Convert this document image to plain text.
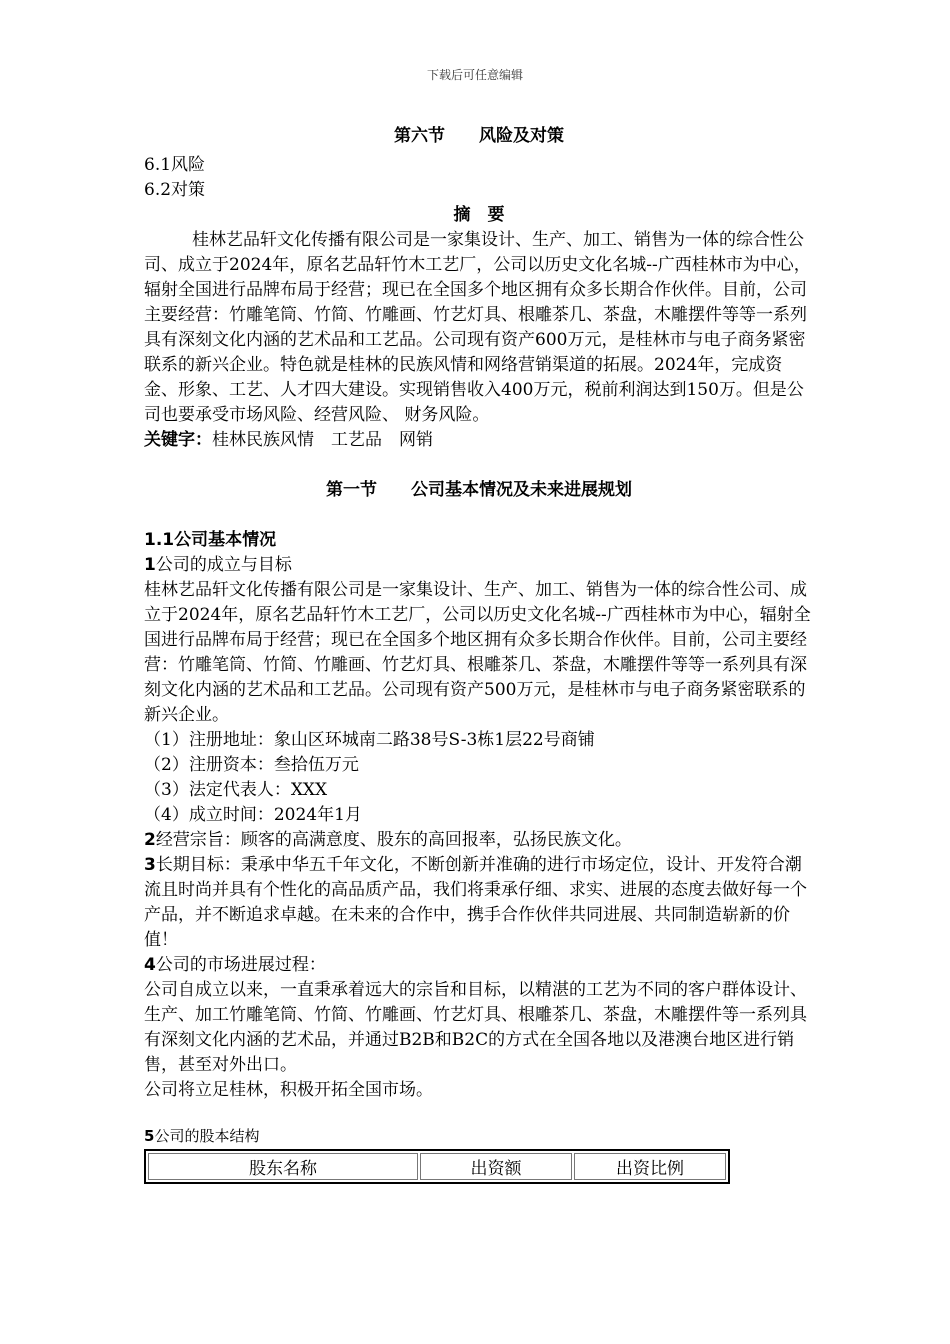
下载后可任意编辑

第六节　　风险及对策

6.1风险

6.2对策

摘　要

桂林艺品轩文化传播有限公司是一家集设计、生产、加工、销售为一体的综合性公司、成立于2024年，原名艺品轩竹木工艺厂，公司以历史文化名城--广西桂林市为中心，辐射全国进行品牌布局于经营；现已在全国多个地区拥有众多长期合作伙伴。目前，公司主要经营：竹雕笔筒、竹简、竹雕画、竹艺灯具、根雕茶几、茶盘，木雕摆件等等一系列具有深刻文化内涵的艺术品和工艺品。公司现有资产600万元，是桂林市与电子商务紧密联系的新兴企业。特色就是桂林的民族风情和网络营销渠道的拓展。2024年，完成资金、形象、工艺、人才四大建设。实现销售收入400万元，税前利润达到150万。但是公司也要承受市场风险、经营风险、 财务风险。

关键字：桂林民族风情　工艺品　网销

第一节　　公司基本情况及未来进展规划

1.1公司基本情况

1公司的成立与目标

桂林艺品轩文化传播有限公司是一家集设计、生产、加工、销售为一体的综合性公司、成立于2024年，原名艺品轩竹木工艺厂，公司以历史文化名城--广西桂林市为中心，辐射全国进行品牌布局于经营；现已在全国多个地区拥有众多长期合作伙伴。目前，公司主要经营：竹雕笔筒、竹简、竹雕画、竹艺灯具、根雕茶几、茶盘，木雕摆件等等一系列具有深刻文化内涵的艺术品和工艺品。公司现有资产500万元，是桂林市与电子商务紧密联系的新兴企业。

（1）注册地址：象山区环城南二路38号S-3栋1层22号商铺

（2）注册资本：叁拾伍万元

（3）法定代表人：XXX

（4）成立时间：2024年1月

2经营宗旨：顾客的高满意度、股东的高回报率，弘扬民族文化。

3长期目标：秉承中华五千年文化，不断创新并准确的进行市场定位，设计、开发符合潮流且时尚并具有个性化的高品质产品，我们将秉承仔细、求实、进展的态度去做好每一个产品，并不断追求卓越。在未来的合作中，携手合作伙伴共同进展、共同制造崭新的价值！

4公司的市场进展过程：

公司自成立以来，一直秉承着远大的宗旨和目标，以精湛的工艺为不同的客户群体设计、生产、加工竹雕笔筒、竹简、竹雕画、竹艺灯具、根雕茶几、茶盘，木雕摆件等一系列具有深刻文化内涵的艺术品，并通过B2B和B2C的方式在全国各地以及港澳台地区进行销售，甚至对外出口。

公司将立足桂林，积极开拓全国市场。

5公司的股本结构

股东名称	出资额	出资比例
